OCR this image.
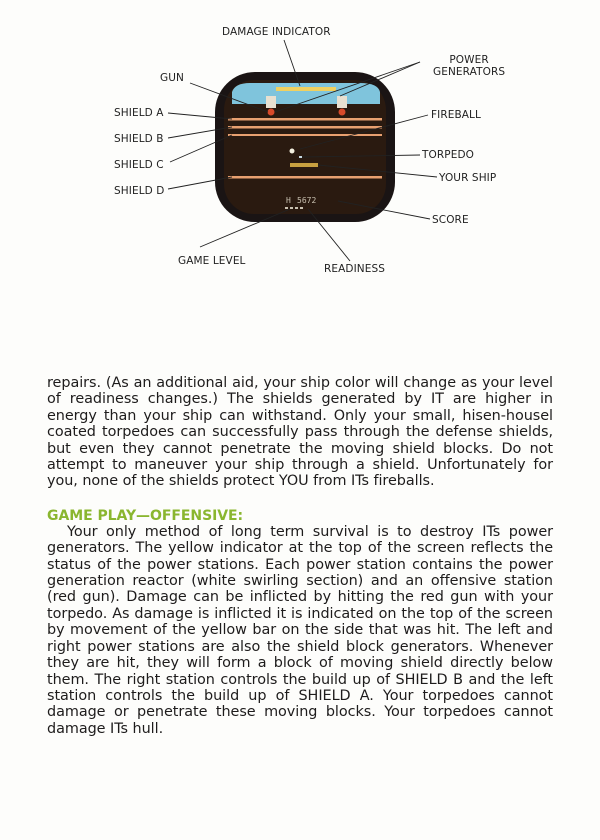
H 5672
DAMAGE INDICATOR
POWER
GENERATORS
GUN
FIREBALL
SHIELD A
SHIELD B
SHIELD C
SHIELD D
TORPEDO
YOUR SHIP
SCORE
GAME LEVEL
READINESS

repairs. (As an additional aid, your ship color will change as your level of readiness changes.) The shields generated by IT are higher in energy than your ship can withstand. Only your small, hisen-housel coated torpedoes can successfully pass through the defense shields, but even they cannot penetrate the moving shield blocks. Do not attempt to maneuver your ship through a shield. Unfortunately for you, none of the shields protect YOU from ITs fireballs.

GAME PLAY—OFFENSIVE:

Your only method of long term survival is to destroy ITs power generators. The yellow indicator at the top of the screen reflects the status of the power stations. Each power station contains the power generation reactor (white swirling section) and an offensive station (red gun). Damage can be inflicted by hitting the red gun with your torpedo. As damage is inflicted it is indicated on the top of the screen by movement of the yellow bar on the side that was hit. The left and right power stations are also the shield block generators. Whenever they are hit, they will form a block of moving shield directly below them. The right station controls the build up of SHIELD B and the left station controls the build up of SHIELD A. Your torpedoes cannot damage or penetrate these moving blocks. Your torpedoes cannot damage ITs hull.
